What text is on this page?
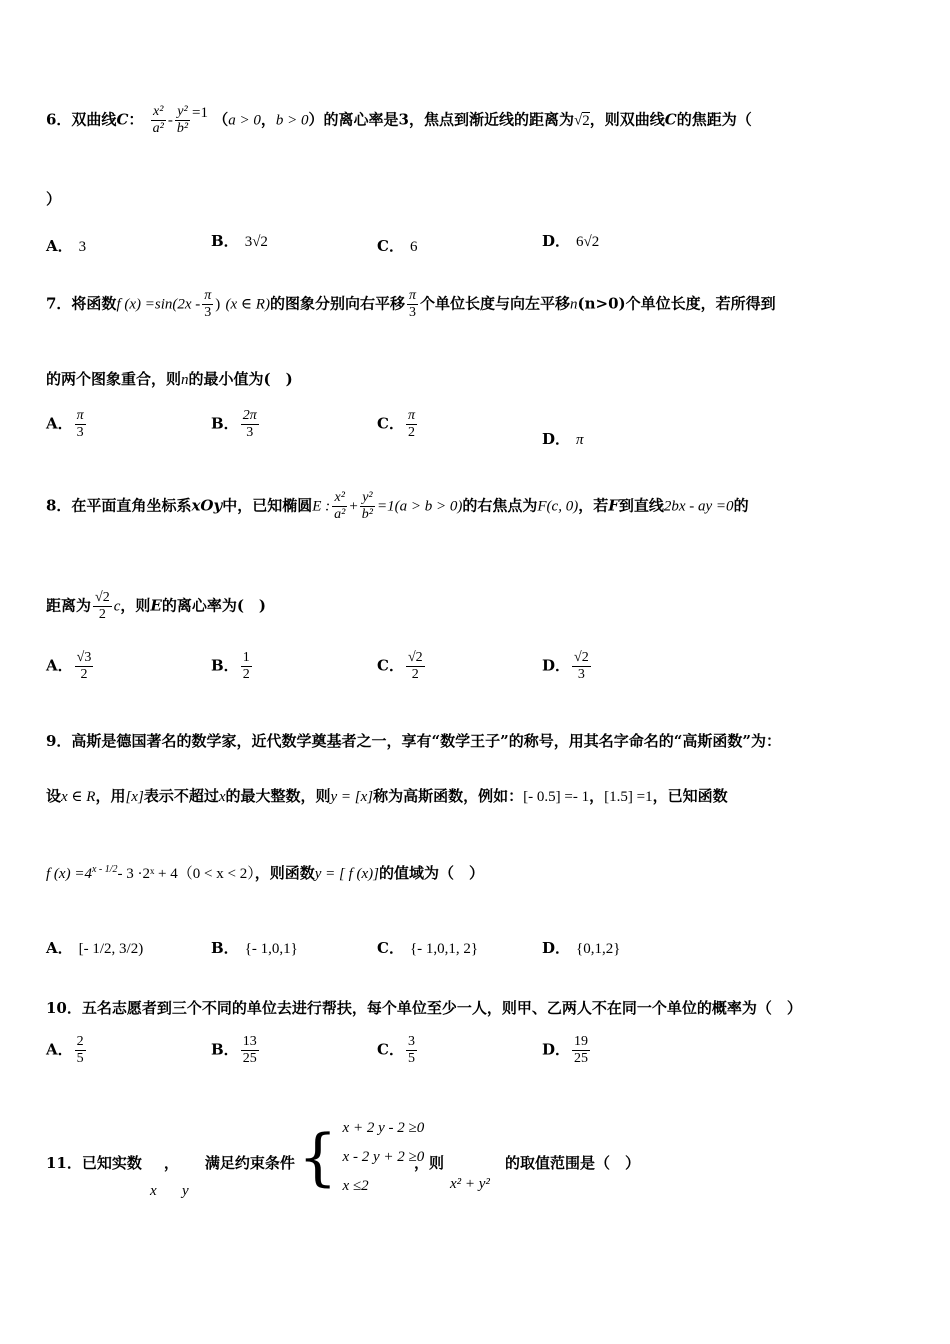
6．双曲线C： $\frac{\text{x²}}{\text{a²}} - \frac{\text{y²}}{\text{b²}} =1$ （a > 0，b > 0）的离心率是3，焦点到渐近线的距离为√2，则双曲线C的焦距为（
）
A． 3	B． 3√2	C． 6	D． 6√2
7．将函数f $(x) =\sin(2x - \frac{\pi}{3}$ ) (x ∈ R)的图象分别向右平移 $\frac{\pi}{3}$ 个单位长度与向左平移n(n>0)个单位长度，若所得到
的两个图象重合，则n的最小值为(　)
A． $\frac{\pi}{3}$	B． $\frac{2\pi}{3}$	C． $\frac{\pi}{2}$	D． π
8．在平面直角坐标系xOy中，已知椭圆E : $\frac{\text{x²}}{\text{a²}} + \frac{\text{y²}}{\text{b²}} =1(a > b > 0)$的右焦点为F(c, 0)，若F到直线2bx - ay =0的
距离为 $\frac{√2}{2}$ c，则E的离心率为(　)
A． $\frac{√3}{2}$	B． $\frac{1}{2}$	C． $\frac{√2}{2}$	D． $\frac{√2}{3}$
9．高斯是德国著名的数学家，近代数学奠基者之一，享有“数学王子”的称号，用其名字命名的“高斯函数”为：
设x ∈ R，用[x]表示不超过x的最大整数，则y = [x]称为高斯函数，例如：[- 0.5] =- 1，[1.5] =1，已知函数
f $(x) =4^{x - 1/2}-$ 3 ·2ˣ + 4（0 < x < 2），则函数y = [ f (x)]的值域为（　）
A． [- 1/2, 3/2)	B． {- 1,0,1}	C． {- 1,0,1, 2}	D． {0,1,2}
10．五名志愿者到三个不同的单位去进行帮扶，每个单位至少一人，则甲、乙两人不在同一个单位的概率为（　）
A． $\frac{2}{5}$	B． $\frac{13}{25}$	C． $\frac{3}{5}$	D． $\frac{19}{25}$
11．已知实数 ， 满足约束条件
x y { x + 2 y - 2 ≥0
x - 2 y + 2 ≥0
x ≤2
，则
x² + y²
的取值范围是（　）
